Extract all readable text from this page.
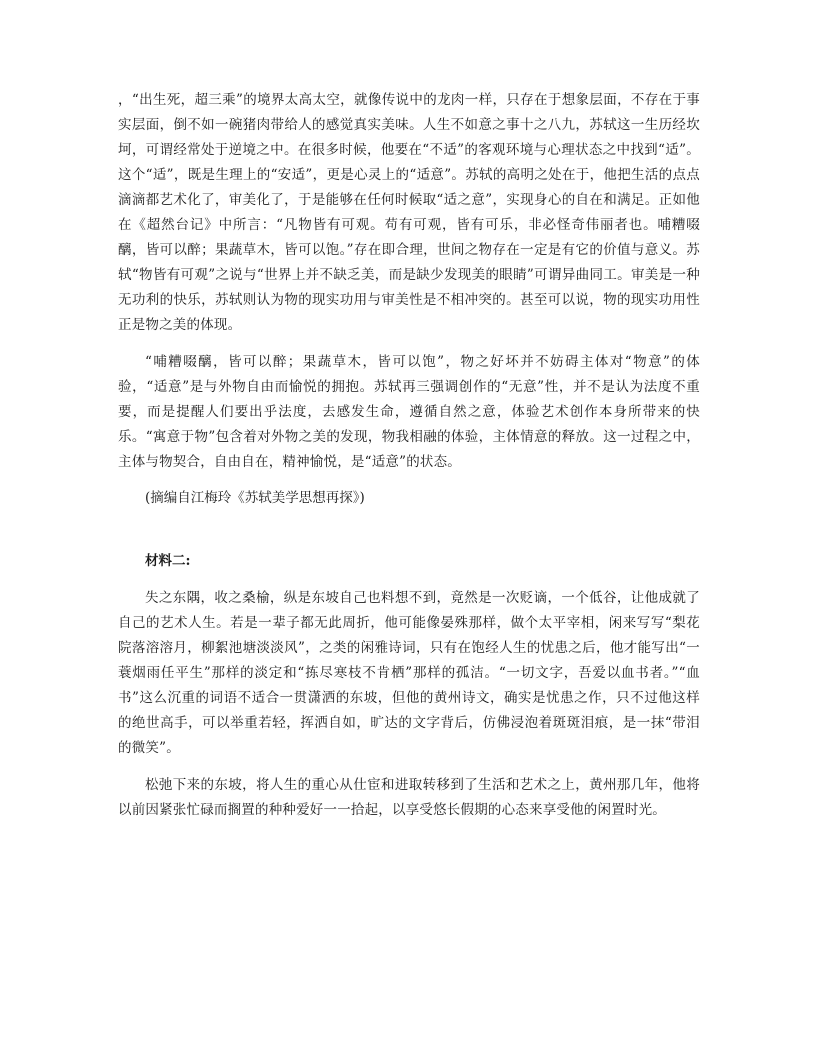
，“出生死，超三乘”的境界太高太空，就像传说中的龙肉一样，只存在于想象层面，不存在于事实层面，倒不如一碗猪肉带给人的感觉真实美味。人生不如意之事十之八九，苏轼这一生历经坎坷，可谓经常处于逆境之中。在很多时候，他要在“不适”的客观环境与心理状态之中找到“适”。这个“适”，既是生理上的“安适”，更是心灵上的“适意”。苏轼的高明之处在于，他把生活的点点滴滴都艺术化了，审美化了，于是能够在任何时候取“适之意”，实现身心的自在和满足。正如他在《超然台记》中所言：“凡物皆有可观。苟有可观，皆有可乐，非必怪奇伟丽者也。哺糟啜醨，皆可以醉；果蔬草木，皆可以饱。”存在即合理，世间之物存在一定是有它的价值与意义。苏轼“物皆有可观”之说与“世界上并不缺乏美，而是缺少发现美的眼睛”可谓异曲同工。审美是一种无功利的快乐，苏轼则认为物的现实功用与审美性是不相冲突的。甚至可以说，物的现实功用性正是物之美的体现。

“哺糟啜醨，皆可以醉；果蔬草木，皆可以饱”，物之好坏并不妨碍主体对“物意”的体验，“适意”是与外物自由而愉悦的拥抱。苏轼再三强调创作的“无意”性，并不是认为法度不重要，而是提醒人们要出乎法度，去感发生命，遵循自然之意，体验艺术创作本身所带来的快乐。“寓意于物”包含着对外物之美的发现，物我相融的体验，主体情意的释放。这一过程之中，主体与物契合，自由自在，精神愉悦，是“适意”的状态。

(摘编自江梅玲《苏轼美学思想再探》)

材料二:

失之东隅，收之桑榆，纵是东坡自己也料想不到，竟然是一次贬谪，一个低谷，让他成就了自己的艺术人生。若是一辈子都无此周折，他可能像晏殊那样，做个太平宰相，闲来写写“梨花院落溶溶月，柳絮池塘淡淡风”，之类的闲雅诗词，只有在饱经人生的忧患之后，他才能写出“一蓑烟雨任平生”那样的淡定和“拣尽寒枝不肯栖”那样的孤洁。“一切文字，吾爱以血书者。”“血书”这么沉重的词语不适合一贯潇洒的东坡，但他的黄州诗文，确实是忧患之作，只不过他这样的绝世高手，可以举重若轻，挥洒自如，旷达的文字背后，仿佛浸泡着斑斑泪痕，是一抹“带泪的微笑”。

松弛下来的东坡，将人生的重心从仕宦和进取转移到了生活和艺术之上，黄州那几年，他将以前因紧张忙碌而搁置的种种爱好一一拾起，以享受悠长假期的心态来享受他的闲置时光。
